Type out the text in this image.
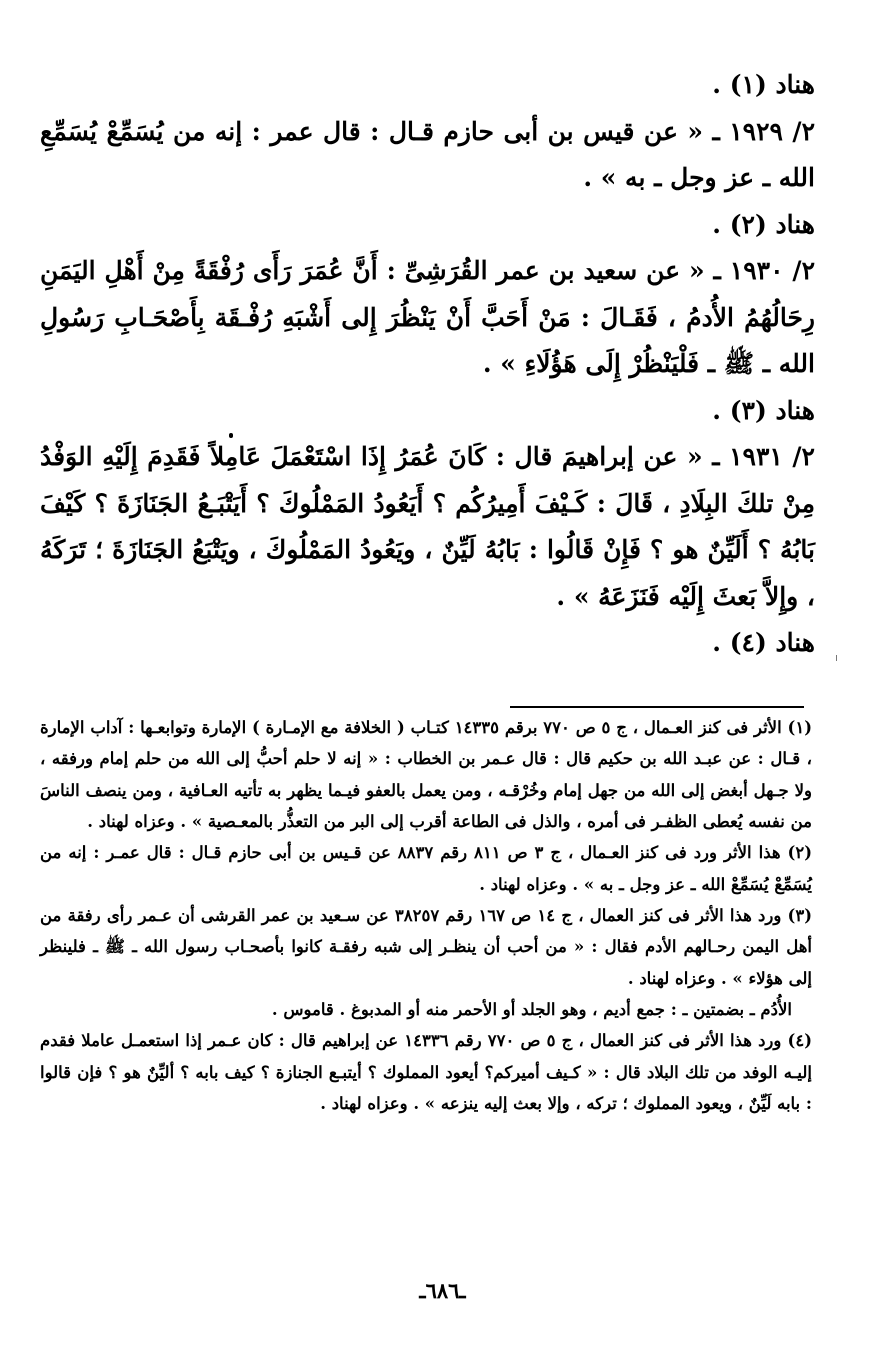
هناد (١) .

٢/ ١٩٢٩ ـ « عن قيس بن أبى حازم قـال : قال عمر : إنه من يُسَمِّعْ يُسَمِّعِ الله ـ عز وجل ـ به » .

هناد (٢) .

٢/ ١٩٣٠ ـ « عن سعيد بن عمر القُرَشِىِّ : أَنَّ عُمَرَ رَأَى رُفْقَةً مِنْ أَهْلِ اليَمَنِ رِحَالُهُمُ الأُدمُ ، فَقَـالَ : مَنْ أَحَبَّ أَنْ يَنْظُرَ إِلى أَشْبَهِ رُفْـقَة بِأَصْحَـابِ رَسُولِ الله ـ ﷺ ـ فَلْيَنْظُرْ إِلَى هَؤُلَاءِ » .

هناد (٣) .

٢/ ١٩٣١ ـ « عن إبراهيمَ قال : كَانَ عُمَرُ إِذَا اسْتَعْمَلَ عَامِلاً فَقَدِمَ إِلَيْهِ الوَفْدُ مِنْ تلكَ البِلَادِ ، قَالَ : كَـيْفَ أَمِيرُكُم ؟ أَيَعُودُ المَمْلُوكَ ؟ أَيَتْبَـعُ الجَنَازَةَ ؟ كَيْفَ بَابُهُ ؟ أَلَيِّنٌ هو ؟ فَإِنْ قَالُوا : بَابُهُ لَيِّنٌ ، ويَعُودُ المَمْلُوكَ ، ويَتْبَعُ الجَنَازَةَ ؛ تَرَكَهُ ، وإِلاَّ بَعثَ إِلَيْه فَنَزَعَهُ » .

هناد (٤) .

(١) الأثر فى كنز العـمال ، ج ٥ ص ٧٧٠ برقم ١٤٣٣٥ كتـاب ( الخلافة مع الإمـارة ) الإمارة وتوابعـها : آداب الإمارة ، قـال : عن عبـد الله بن حكيم قال : قال عـمر بن الخطاب : « إنه لا حلم أحبُّ إلى الله من حلم إمام ورفقه ، ولا جـهل أبغض إلى الله من جهل إمام وخُرْقـه ، ومن يعمل بالعفو فيـما يظهر به تأتيه العـافية ، ومن ينصف الناسَ من نفسه يُعطى الظفـر فى أمره ، والذل فى الطاعة أقرب إلى البر من التعذُّر بالمعـصية » . وعزاه لهناد .

(٢) هذا الأثر ورد فى كنز العـمال ، ج ٣ ص ٨١١ رقم ٨٨٣٧ عن قـيس بن أبى حازم قـال : قال عمـر : إنه من يُسَمِّعْ يُسَمِّعْ الله ـ عز وجل ـ به » . وعزاه لهناد .

(٣) ورد هذا الأثر فى كنز العمال ، ج ١٤ ص ١٦٧ رقم ٣٨٢٥٧ عن سـعيد بن عمر القرشى أن عـمر رأى رفقة من أهل اليمن رحـالهم الأدم فقال : « من أحب أن ينظـر إلى شبه رفقـة كانوا بأصحـاب رسول الله ـ ﷺ ـ فلينظر إلى هؤلاء » . وعزاه لهناد .

الأُدُم ـ بضمتين ـ : جمع أديم ، وهو الجلد أو الأحمر منه أو المدبوغ . قاموس .

(٤) ورد هذا الأثر فى كنز العمال ، ج ٥ ص ٧٧٠ رقم ١٤٣٣٦ عن إبراهيم قال : كان عـمر إذا استعمـل عاملا فقدم إليـه الوفد من تلك البلاد قال : « كـيف أميركم؟ أيعود المملوك ؟ أيتبـع الجنازة ؟ كيف بابه ؟ أليِّنٌ هو ؟ فإن قالوا : بابه لَيِّنٌ ، ويعود المملوك ؛ تركه ، وإلا بعث إليه ينزعه » . وعزاه لهناد .

ـ٦٨٦ـ
